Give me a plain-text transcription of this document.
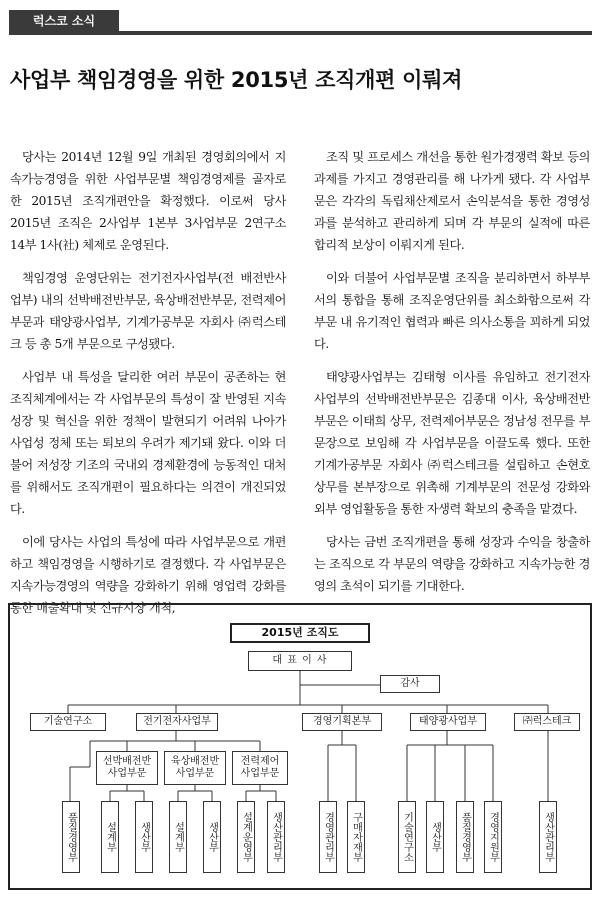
럭스코 소식
사업부 책임경영을 위한 2015년 조직개편 이뤄져

당사는 2014년 12월 9일 개최된 경영회의에서 지속가능경영을 위한 사업부문별 책임경영제를 골자로 한 2015년 조직개편안을 확정했다. 이로써 당사 2015년 조직은 2사업부 1본부 3사업부문 2연구소 14부 1사(社) 체제로 운영된다.

책임경영 운영단위는 전기전자사업부(전 배전반사업부) 내의 선박배전반부문, 육상배전반부문, 전력제어부문과 태양광사업부, 기계가공부문 자회사 ㈜럭스테크 등 총 5개 부문으로 구성됐다.

사업부 내 특성을 달리한 여러 부문이 공존하는 현 조직체계에서는 각 사업부문의 특성이 잘 반영된 지속성장 및 혁신을 위한 정책이 발현되기 어려워 나아가 사업성 정체 또는 퇴보의 우려가 제기돼 왔다. 이와 더불어 저성장 기조의 국내외 경제환경에 능동적인 대처를 위해서도 조직개편이 필요하다는 의견이 개진되었다.

이에 당사는 사업의 특성에 따라 사업부문으로 개편하고 책임경영을 시행하기로 결정했다. 각 사업부문은 지속가능경영의 역량을 강화하기 위해 영업력 강화를 통한 매출확대 및 신규시장 개척,

조직 및 프로세스 개선을 통한 원가경쟁력 확보 등의 과제를 가지고 경영관리를 해 나가게 됐다. 각 사업부문은 각각의 독립채산제로서 손익분석을 통한 경영성과를 분석하고 관리하게 되며 각 부문의 실적에 따른 합리적 보상이 이뤄지게 된다.

이와 더불어 사업부문별 조직을 분리하면서 하부부서의 통합을 통해 조직운영단위를 최소화함으로써 각 부문 내 유기적인 협력과 빠른 의사소통을 꾀하게 되었다.

태양광사업부는 김태형 이사를 유임하고 전기전자사업부의 선박배전반부문은 김종대 이사, 육상배전반부문은 이태희 상무, 전력제어부문은 정남성 전무를 부문장으로 보임해 각 사업부문을 이끌도록 했다. 또한 기계가공부문 자회사 ㈜럭스테크를 설립하고 손현호 상무를 본부장으로 위촉해 기계부문의 전문성 강화와 외부 영업활동을 통한 자생력 확보의 충족을 맡겼다.

당사는 금번 조직개편을 통해 성장과 수익을 창출하는 조직으로 각 부문의 역량을 강화하고 지속가능한 경영의 초석이 되기를 기대한다.

2015년 조직도
대 표 이 사
감사
기술연구소	전기전자사업부	경영기획본부	태양광사업부	㈜럭스테크
선박배전반
사업부문
육상배전반
사업부문
전력제어
사업부문
품질경영부	설계부	생산부	설계부	생산부	설계운영부	생산관리부	경영관리부	구매자재부	기술연구소	생산부	품질경영부	경영지원부	생산관리부
